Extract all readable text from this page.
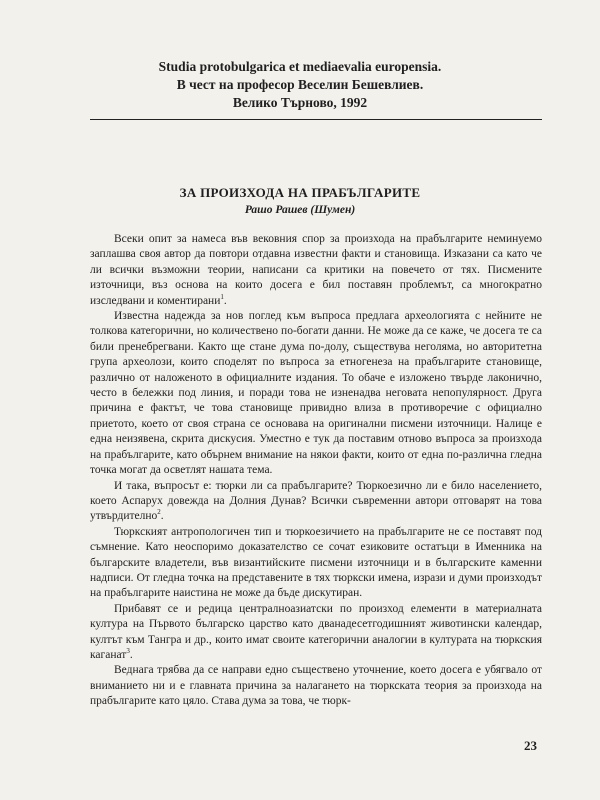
Studia protobulgarica et mediaevalia europensia.
В чест на професор Веселин Бешевлиев.
Велико Търново, 1992
ЗА ПРОИЗХОДА НА ПРАБЪЛГАРИТЕ
Рашо Рашев (Шумен)

Всеки опит за намеса във вековния спор за произхода на прабългарите неминуемо заплашва своя автор да повтори отдавна известни факти и становища. Изказани са като че ли всички възможни теории, написани са критики на повечето от тях. Писмените източници, въз основа на които досега е бил поставян проблемът, са многократно изследвани и коментирани$^1$.

Известна надежда за нов поглед към въпроса предлага археологията с нейните не толкова категорични, но количествено по-богати данни. Не може да се каже, че досега те са били пренебрегвани. Както ще стане дума по-долу, съществува неголяма, но авторитетна група археолози, които споделят по въпроса за етногенеза на прабългарите становище, различно от наложеното в официалните издания. То обаче е изложено твърде лаконично, често в бележки под линия, и поради това не изненадва неговата непопулярност. Друга причина е фактът, че това становище привидно влиза в противоречие с официално приетото, което от своя страна се основава на оригинални писмени източници. Налице е една неизявена, скрита дискусия. Уместно е тук да поставим отново въпроса за произхода на прабългарите, като обърнем внимание на някои факти, които от една по-различна гледна точка могат да осветлят нашата тема.

И така, въпросът е: тюрки ли са прабългарите? Тюркоезично ли е било населението, което Аспарух довежда на Долния Дунав? Всички съвременни автори отговарят на това утвърдително$^2$.

Тюркският антропологичен тип и тюркоезичието на прабългарите не се поставят под съмнение. Като неоспоримо доказателство се сочат езиковите остатъци в Именника на българските владетели, във византийските писмени източници и в българските каменни надписи. От гледна точка на представените в тях тюркски имена, изрази и думи произходът на прабългарите наистина не може да бъде дискутиран.

Прибавят се и редица централноазиатски по произход елементи в материалната култура на Първото българско царство като дванадесетгодишният животински календар, култът към Тангра и др., които имат своите категорични аналогии в културата на тюркския каганат$^3$.

Веднага трябва да се направи едно съществено уточнение, което досега е убягвало от вниманието ни и е главната причина за налагането на тюркската теория за произхода на прабългарите като цяло. Става дума за това, че тюрк-

23
